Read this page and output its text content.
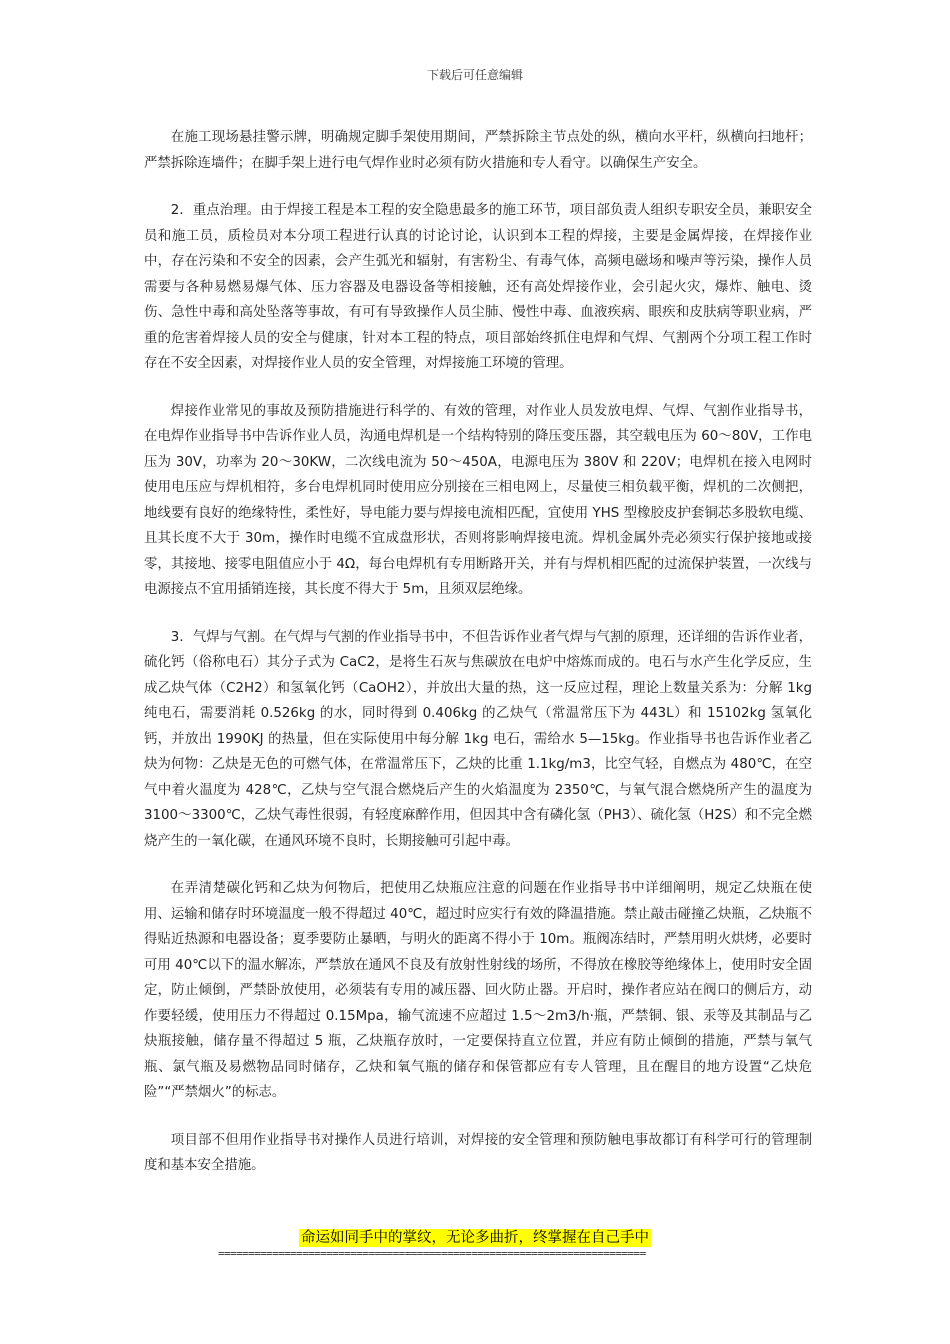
下载后可任意编辑

在施工现场悬挂警示牌，明确规定脚手架使用期间，严禁拆除主节点处的纵，横向水平杆，纵横向扫地杆；严禁拆除连墙件；在脚手架上进行电气焊作业时必须有防火措施和专人看守。以确保生产安全。

2．重点治理。由于焊接工程是本工程的安全隐患最多的施工环节，项目部负责人组织专职安全员，兼职安全员和施工员，质检员对本分项工程进行认真的讨论讨论，认识到本工程的焊接，主要是金属焊接，在焊接作业中，存在污染和不安全的因素，会产生弧光和辐射，有害粉尘、有毒气体，高频电磁场和噪声等污染，操作人员需要与各种易燃易爆气体、压力容器及电器设备等相接触，还有高处焊接作业，会引起火灾，爆炸、触电、烫伤、急性中毒和高处坠落等事故，有可有导致操作人员尘肺、慢性中毒、血液疾病、眼疾和皮肤病等职业病，严重的危害着焊接人员的安全与健康，针对本工程的特点，项目部始终抓住电焊和气焊、气割两个分项工程工作时存在不安全因素，对焊接作业人员的安全管理，对焊接施工环境的管理。

焊接作业常见的事故及预防措施进行科学的、有效的管理，对作业人员发放电焊、气焊、气割作业指导书，在电焊作业指导书中告诉作业人员，沟通电焊机是一个结构特别的降压变压器，其空载电压为 60～80V，工作电压为 30V，功率为 20～30KW，二次线电流为 50～450A，电源电压为 380V 和 220V；电焊机在接入电网时使用电压应与焊机相符，多台电焊机同时使用应分别接在三相电网上，尽量使三相负载平衡，焊机的二次侧把，地线要有良好的绝缘特性，柔性好，导电能力要与焊接电流相匹配，宜使用 YHS 型橡胶皮护套铜芯多股软电缆、且其长度不大于 30m，操作时电缆不宜成盘形状，否则将影响焊接电流。焊机金属外壳必须实行保护接地或接零，其接地、接零电阻值应小于 4Ω，每台电焊机有专用断路开关，并有与焊机相匹配的过流保护装置，一次线与电源接点不宜用插销连接，其长度不得大于 5m，且须双层绝缘。

3．气焊与气割。在气焊与气割的作业指导书中，不但告诉作业者气焊与气割的原理，还详细的告诉作业者，硫化钙（俗称电石）其分子式为 CaC2，是将生石灰与焦碳放在电炉中熔炼而成的。电石与水产生化学反应，生成乙炔气体（C2H2）和氢氧化钙（CaOH2），并放出大量的热，这一反应过程，理论上数量关系为：分解 1kg 纯电石，需要消耗 0.526kg 的水，同时得到 0.406kg 的乙炔气（常温常压下为 443L）和 15102kg 氢氧化钙，并放出 1990KJ 的热量，但在实际使用中每分解 1kg 电石，需给水 5—15kg。作业指导书也告诉作业者乙炔为何物：乙炔是无色的可燃气体，在常温常压下，乙炔的比重 1.1kg/m3，比空气轻，自燃点为 480℃，在空气中着火温度为 428℃，乙炔与空气混合燃烧后产生的火焰温度为 2350℃，与氧气混合燃烧所产生的温度为 3100～3300℃，乙炔气毒性很弱，有轻度麻醉作用，但因其中含有磷化氢（PH3）、硫化氢（H2S）和不完全燃烧产生的一氧化碳，在通风环境不良时，长期接触可引起中毒。

在弄清楚碳化钙和乙炔为何物后，把使用乙炔瓶应注意的问题在作业指导书中详细阐明，规定乙炔瓶在使用、运输和储存时环境温度一般不得超过 40℃，超过时应实行有效的降温措施。禁止敲击碰撞乙炔瓶，乙炔瓶不得贴近热源和电器设备；夏季要防止暴晒，与明火的距离不得小于 10m。瓶阀冻结时，严禁用明火烘烤，必要时可用 40℃以下的温水解冻，严禁放在通风不良及有放射性射线的场所，不得放在橡胶等绝缘体上，使用时安全固定，防止倾倒，严禁卧放使用，必须装有专用的减压器、回火防止器。开启时，操作者应站在阀口的侧后方，动作要轻缓，使用压力不得超过 0.15Mpa，输气流速不应超过 1.5～2m3/h·瓶，严禁铜、银、汞等及其制品与乙炔瓶接触，储存量不得超过 5 瓶，乙炔瓶存放时，一定要保持直立位置，并应有防止倾倒的措施，严禁与氧气瓶、氯气瓶及易燃物品同时储存，乙炔和氧气瓶的储存和保管都应有专人管理，且在醒目的地方设置“乙炔危险”“严禁烟火”的标志。

项目部不但用作业指导书对操作人员进行培训，对焊接的安全管理和预防触电事故都订有科学可行的管理制度和基本安全措施。

命运如同手中的掌纹，无论多曲折，终掌握在自己手中
=======================================================================
